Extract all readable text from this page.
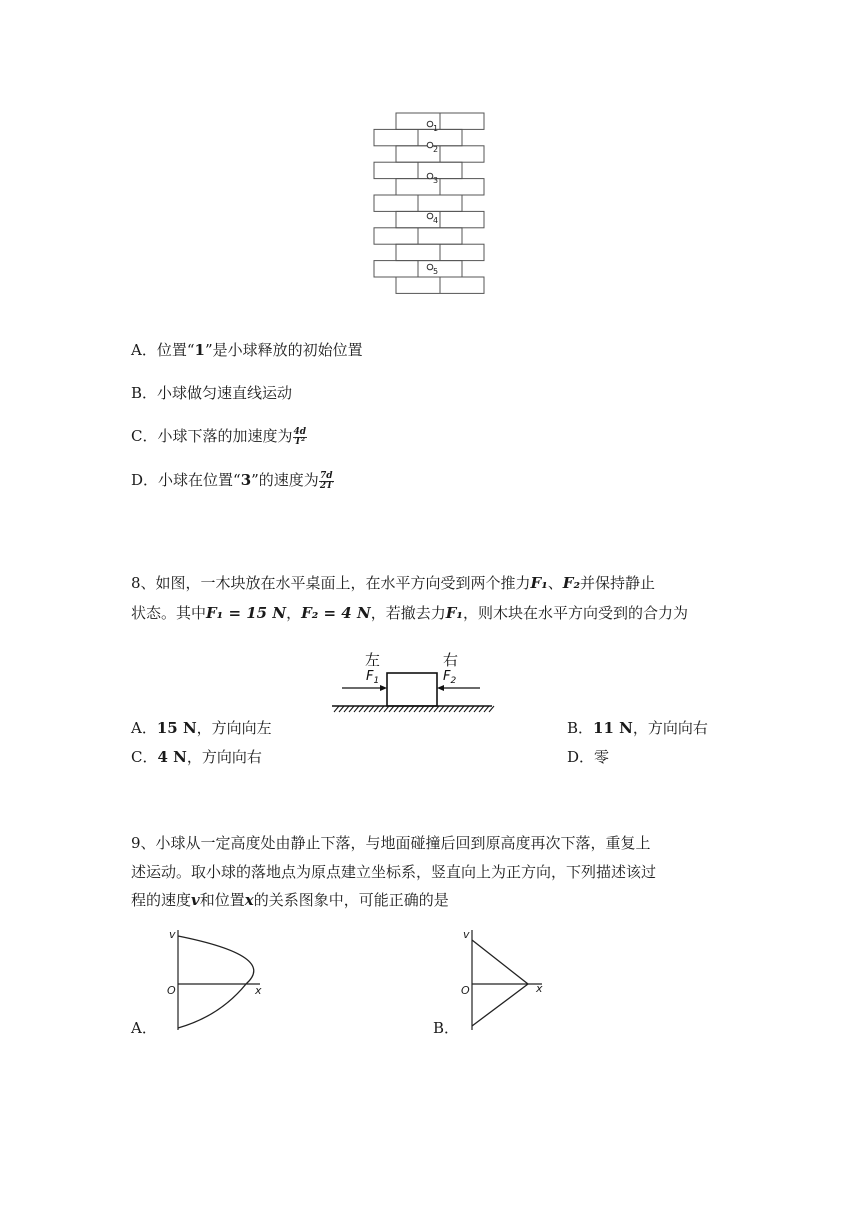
1
2
3
4
5
A．位置“1”是小球释放的初始位置
B．小球做匀速直线运动
C．小球下落的加速度为 $\frac{4d}{\text{T²}}$
D．小球在位置“3”的速度为 $\frac{7d}{2T}$
8、如图，一木块放在水平桌面上，在水平方向受到两个推力F₁、F₂并保持静止
状态。其中F₁ = 15 N，F₂ = 4 N，若撤去力F₁，则木块在水平方向受到的合力为
左	右
$F_1$	$F_2$
A．15 N，方向向左	B．11 N，方向向右
C．4 N，方向向右	D．零
9、小球从一定高度处由静止下落，与地面碰撞后回到原高度再次下落，重复上
述运动。取小球的落地点为原点建立坐标系，竖直向上为正方向，下列描述该过
程的速度v和位置x的关系图象中，可能正确的是
v
O	x
A．
v
O	x
B．
